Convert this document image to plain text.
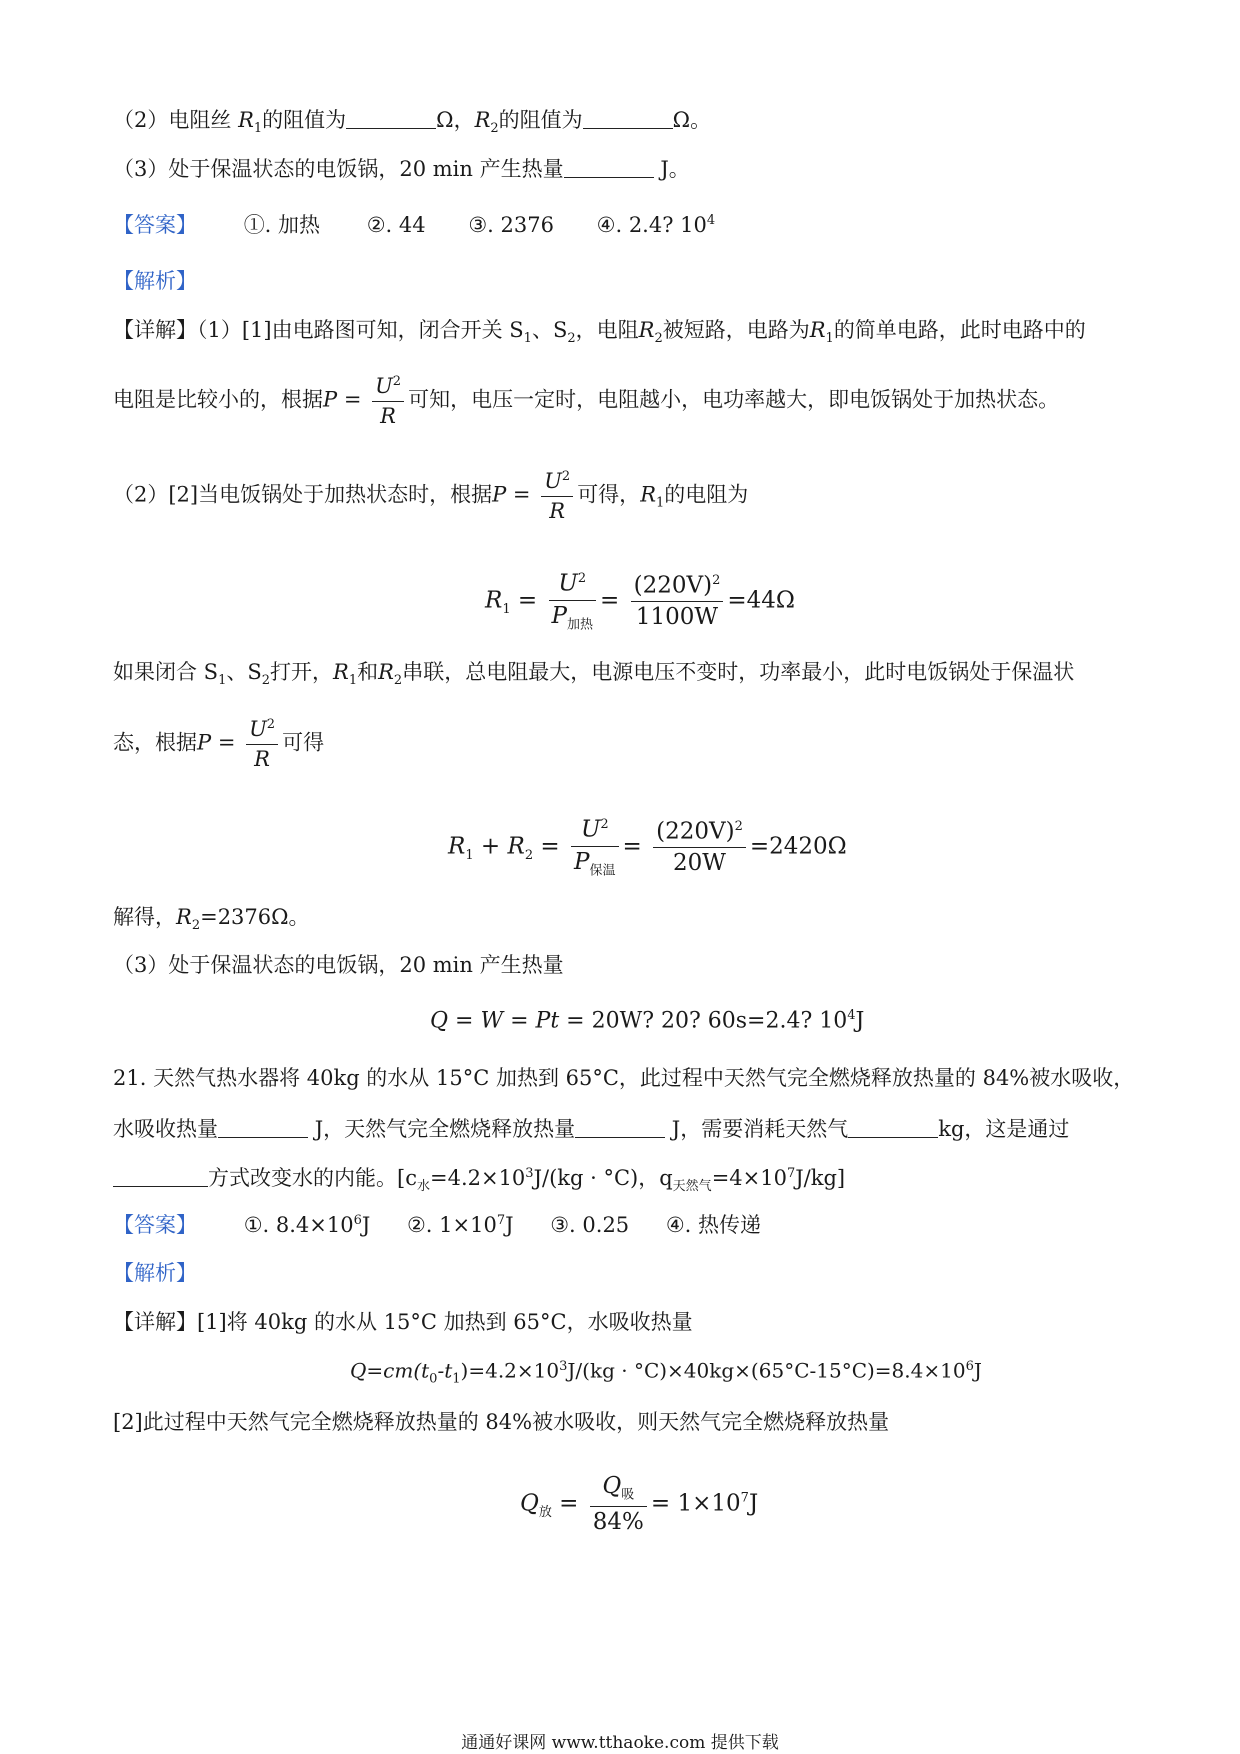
（2）电阻丝 $R_1$的阻值为	Ω，$R_2$的阻值为	Ω。
（3）处于保温状态的电饭锅，20 min 产生热量	J。
【答案】 ①. 加热 ②. 44 ③. 2376 ④. 2.4? $10^4$
【解析】
【详解】（1）[1]由电路图可知，闭合开关 $S_1$、$S_2$，电阻$R_2$被短路，电路为$R_1$的简单电路，此时电路中的
电阻是比较小的，根据$P = \frac{U^2}{R}$ 可知，电压一定时，电阻越小，电功率越大，即电饭锅处于加热状态。
（2）[2]当电饭锅处于加热状态时，根据$P = \frac{U^2}{R}$ 可得，$R_1$的电阻为
$R_1 = \frac{U^2}{P_{加热}} = \frac{(220V)^2}{1100W} =44\Omega$
如果闭合 $S_1$、$S_2$打开，$R_1$和$R_2$串联，总电阻最大，电源电压不变时，功率最小，此时电饭锅处于保温状
态，根据$P = \frac{U^2}{R}$ 可得
$R_1 + R_2 = \frac{U^2}{P_{保温}} = \frac{(220V)^2}{20W} =2420\Omega$
解得，$R_2=2376\Omega$。
（3）处于保温状态的电饭锅，20 min 产生热量
Q = W = Pt = 20W? 20? 60s=2.4? $10^4J$
21. 天然气热水器将 40kg 的水从 15°C 加热到 65°C，此过程中天然气完全燃烧释放热量的 84%被水吸收，
水吸收热量	J，天然气完全燃烧释放热量	J，需要消耗天然气	kg，这是通过
方式改变水的内能。[$c_水=4.2\times 10^3J/(kg \cdot ^\circ C)$，$q_{天然气}=4\times 10^7J/kg$]
【答案】 ①. $8.4\times 10^6J$ ②. $1\times 10^7J$ ③. 0.25 ④. 热传递
【解析】
【详解】[1]将 40kg 的水从 15°C 加热到 65°C，水吸收热量
$Q=cm(t_0-t_1)=4.2\times 10^3J/(kg \cdot ^\circ C)\times 40kg\times(65^\circ C-15^\circ C)=8.4\times 10^6J$
[2]此过程中天然气完全燃烧释放热量的 84%被水吸收，则天然气完全燃烧释放热量
$Q_放 = \frac{Q_吸}{84\%} = 1\times 10^7J$
通通好课网 www.tthaoke.com 提供下载
